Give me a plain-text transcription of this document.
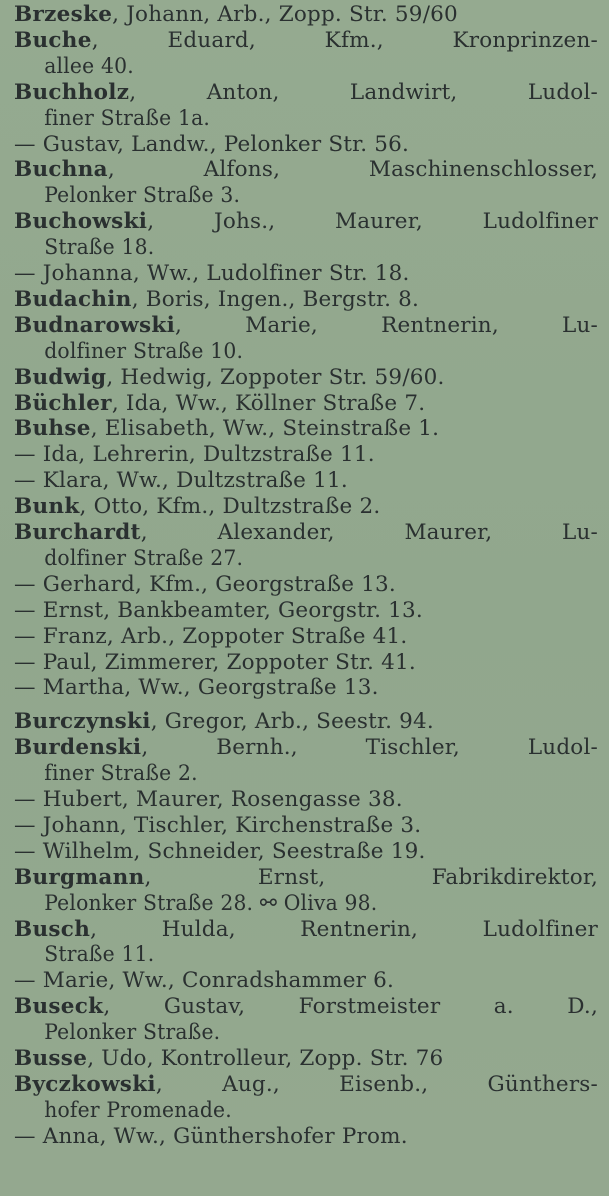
Brzeske, Johann, Arb., Zopp. Str. 59/60
Buche, Eduard, Kfm., Kronprinzen-
allee 40.
Buchholz, Anton, Landwirt, Ludol-
finer Straße 1a.
— Gustav, Landw., Pelonker Str. 56.
Buchna, Alfons, Maschinenschlosser,
Pelonker Straße 3.
Buchowski, Johs., Maurer, Ludolfiner
Straße 18.
— Johanna, Ww., Ludolfiner Str. 18.
Budachin, Boris, Ingen., Bergstr. 8.
Budnarowski, Marie, Rentnerin, Lu-
dolfiner Straße 10.
Budwig, Hedwig, Zoppoter Str. 59/60.
Büchler, Ida, Ww., Köllner Straße 7.
Buhse, Elisabeth, Ww., Steinstraße 1.
— Ida, Lehrerin, Dultzstraße 11.
— Klara, Ww., Dultzstraße 11.
Bunk, Otto, Kfm., Dultzstraße 2.
Burchardt, Alexander, Maurer, Lu-
dolfiner Straße 27.
— Gerhard, Kfm., Georgstraße 13.
— Ernst, Bankbeamter, Georgstr. 13.
— Franz, Arb., Zoppoter Straße 41.
— Paul, Zimmerer, Zoppoter Str. 41.
— Martha, Ww., Georgstraße 13.
Burczynski, Gregor, Arb., Seestr. 94.
Burdenski, Bernh., Tischler, Ludol-
finer Straße 2.
— Hubert, Maurer, Rosengasse 38.
— Johann, Tischler, Kirchenstraße 3.
— Wilhelm, Schneider, Seestraße 19.
Burgmann, Ernst, Fabrikdirektor,
Pelonker Straße 28. ⚯ Oliva 98.
Busch, Hulda, Rentnerin, Ludolfiner
Straße 11.
— Marie, Ww., Conradshammer 6.
Buseck, Gustav, Forstmeister a. D.,
Pelonker Straße.
Busse, Udo, Kontrolleur, Zopp. Str. 76
Byczkowski, Aug., Eisenb., Günthers-
hofer Promenade.
— Anna, Ww., Günthershofer Prom.
